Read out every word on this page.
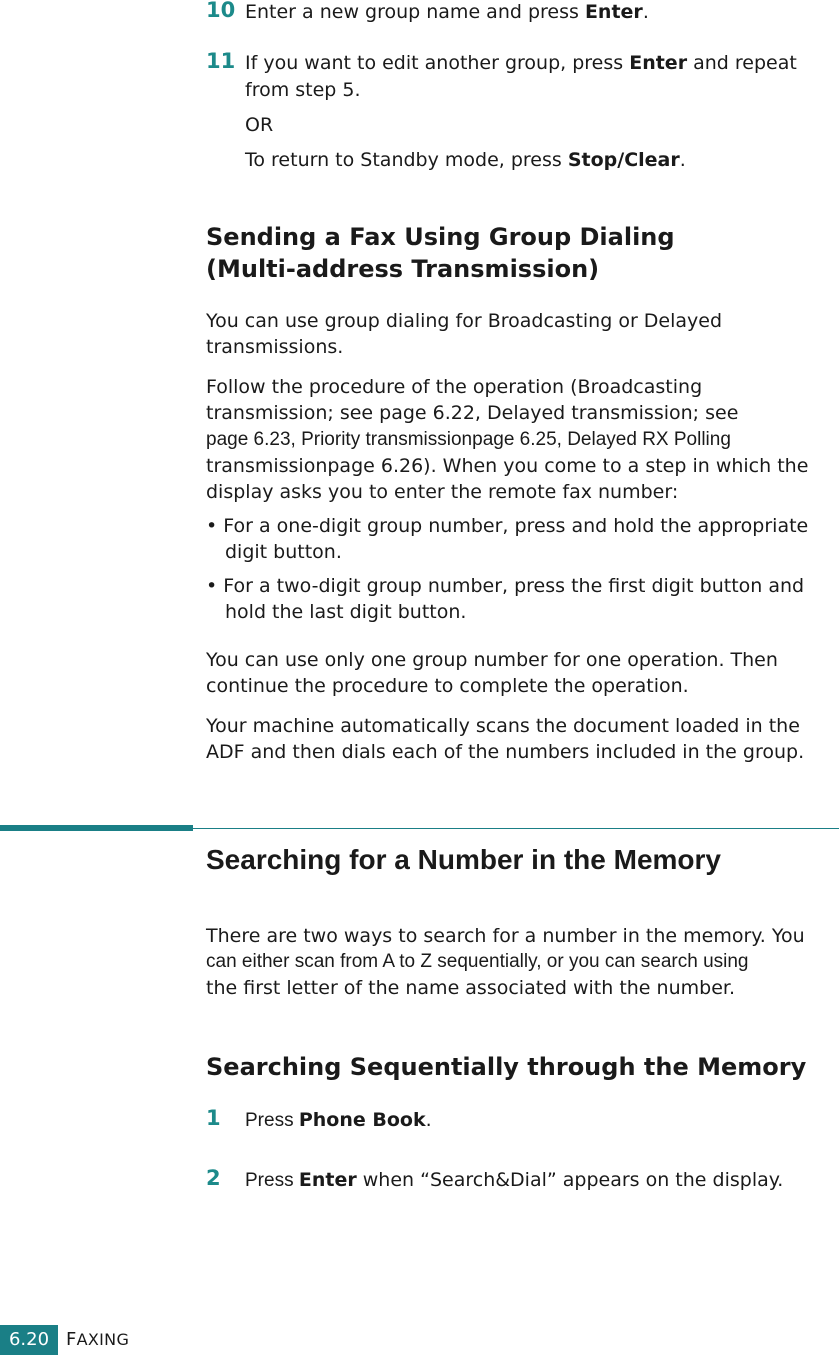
10 Enter a new group name and press Enter.
11 If you want to edit another group, press Enter and repeat
from step 5.
OR
To return to Standby mode, press Stop/Clear.
Sending a Fax Using Group Dialing
(Multi-address Transmission)
You can use group dialing for Broadcasting or Delayed
transmissions.
Follow the procedure of the operation (Broadcasting
transmission; see page 6.22, Delayed transmission; see
page 6.23, Priority transmissionpage 6.25, Delayed RX Polling
transmissionpage 6.26). When you come to a step in which the
display asks you to enter the remote fax number:
• For a one-digit group number, press and hold the appropriate
digit button.
• For a two-digit group number, press the first digit button and
hold the last digit button.
You can use only one group number for one operation. Then
continue the procedure to complete the operation.
Your machine automatically scans the document loaded in the
ADF and then dials each of the numbers included in the group.
Searching for a Number in the Memory
There are two ways to search for a number in the memory. You
can either scan from A to Z sequentially, or you can search using
the first letter of the name associated with the number.
Searching Sequentially through the Memory
1 Press Phone Book.
2 Press Enter when “Search&Dial” appears on the display.
6.20 FAXING
